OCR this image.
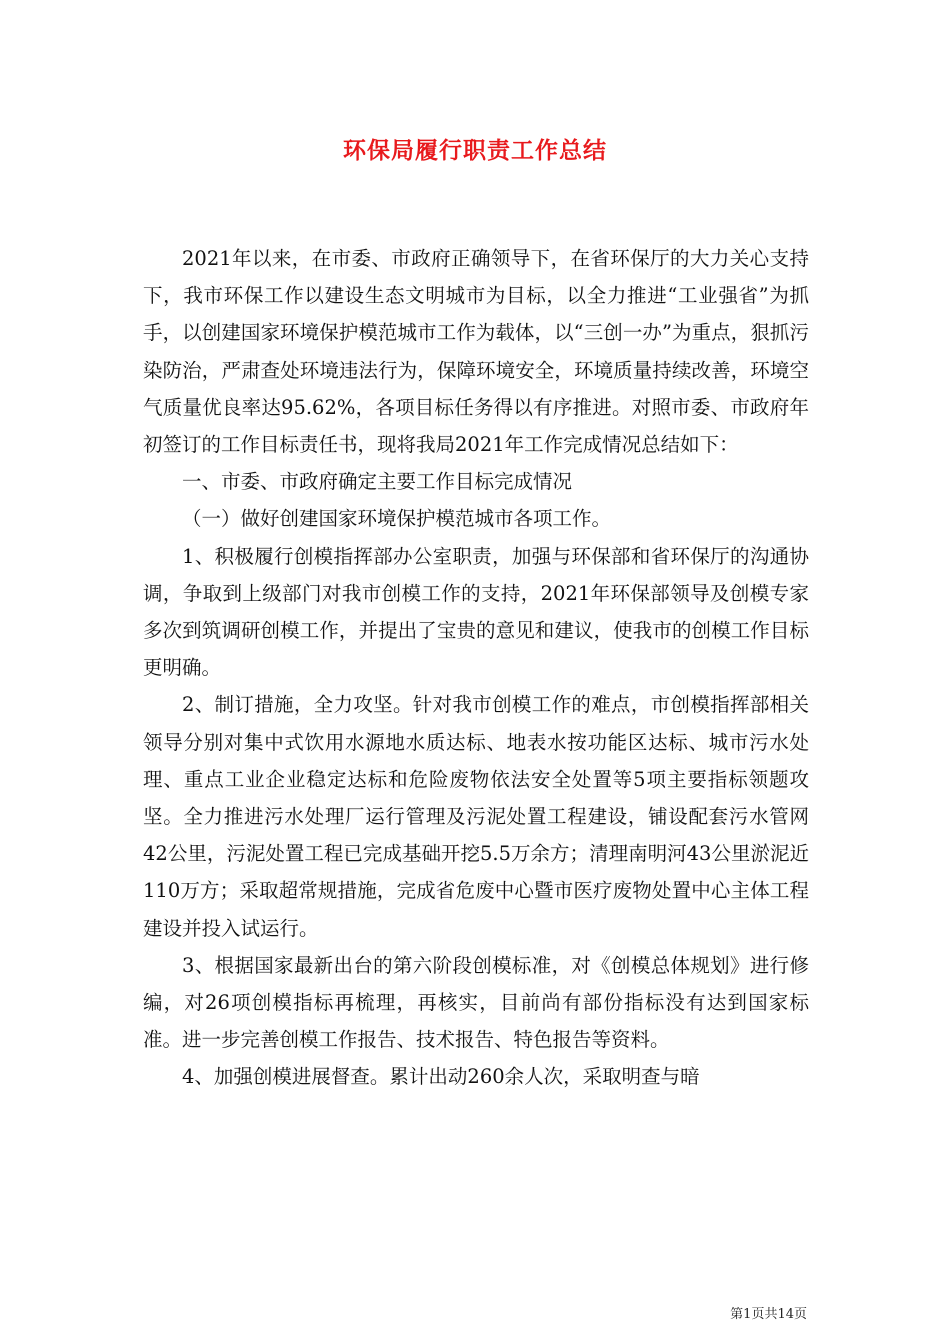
环保局履行职责工作总结

2021年以来，在市委、市政府正确领导下，在省环保厅的大力关心支持下，我市环保工作以建设生态文明城市为目标，以全力推进“工业强省”为抓手，以创建国家环境保护模范城市工作为载体，以“三创一办”为重点，狠抓污染防治，严肃查处环境违法行为，保障环境安全，环境质量持续改善，环境空气质量优良率达95.62%，各项目标任务得以有序推进。对照市委、市政府年初签订的工作目标责任书，现将我局2021年工作完成情况总结如下：

一、市委、市政府确定主要工作目标完成情况

（一）做好创建国家环境保护模范城市各项工作。

1、积极履行创模指挥部办公室职责，加强与环保部和省环保厅的沟通协调，争取到上级部门对我市创模工作的支持，2021年环保部领导及创模专家多次到筑调研创模工作，并提出了宝贵的意见和建议，使我市的创模工作目标更明确。

2、制订措施，全力攻坚。针对我市创模工作的难点，市创模指挥部相关领导分别对集中式饮用水源地水质达标、地表水按功能区达标、城市污水处理、重点工业企业稳定达标和危险废物依法安全处置等5项主要指标领题攻坚。全力推进污水处理厂运行管理及污泥处置工程建设，铺设配套污水管网42公里，污泥处置工程已完成基础开挖5.5万余方；清理南明河43公里淤泥近110万方；采取超常规措施，完成省危废中心暨市医疗废物处置中心主体工程建设并投入试运行。

3、根据国家最新出台的第六阶段创模标准，对《创模总体规划》进行修编，对26项创模指标再梳理，再核实，目前尚有部份指标没有达到国家标准。进一步完善创模工作报告、技术报告、特色报告等资料。

4、加强创模进展督查。累计出动260余人次，采取明查与暗

第1页共14页
